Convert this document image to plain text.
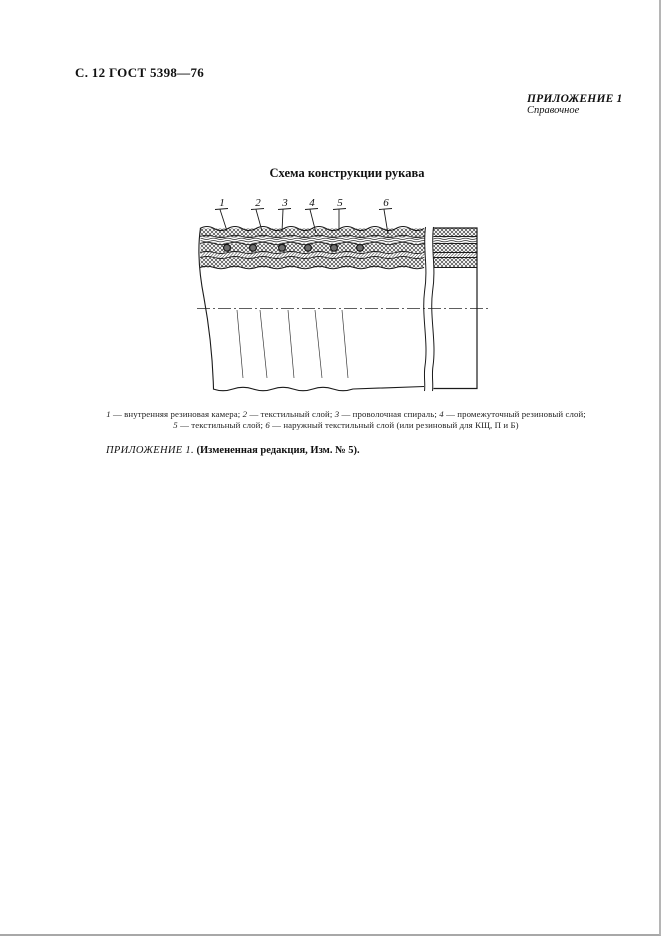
С. 12 ГОСТ 5398—76
ПРИЛОЖЕНИЕ 1
Справочное
Схема конструкции рукава
1	2 3 4 5	6
1 — внутренняя резиновая камера; 2 — текстильный слой; 3 — проволочная спираль; 4 — промежуточный резиновый слой;
5 — текстильный слой; 6 — наружный текстильный слой (или резиновый для КЩ, П и Б)
ПРИЛОЖЕНИЕ 1. (Измененная редакция, Изм. № 5).
